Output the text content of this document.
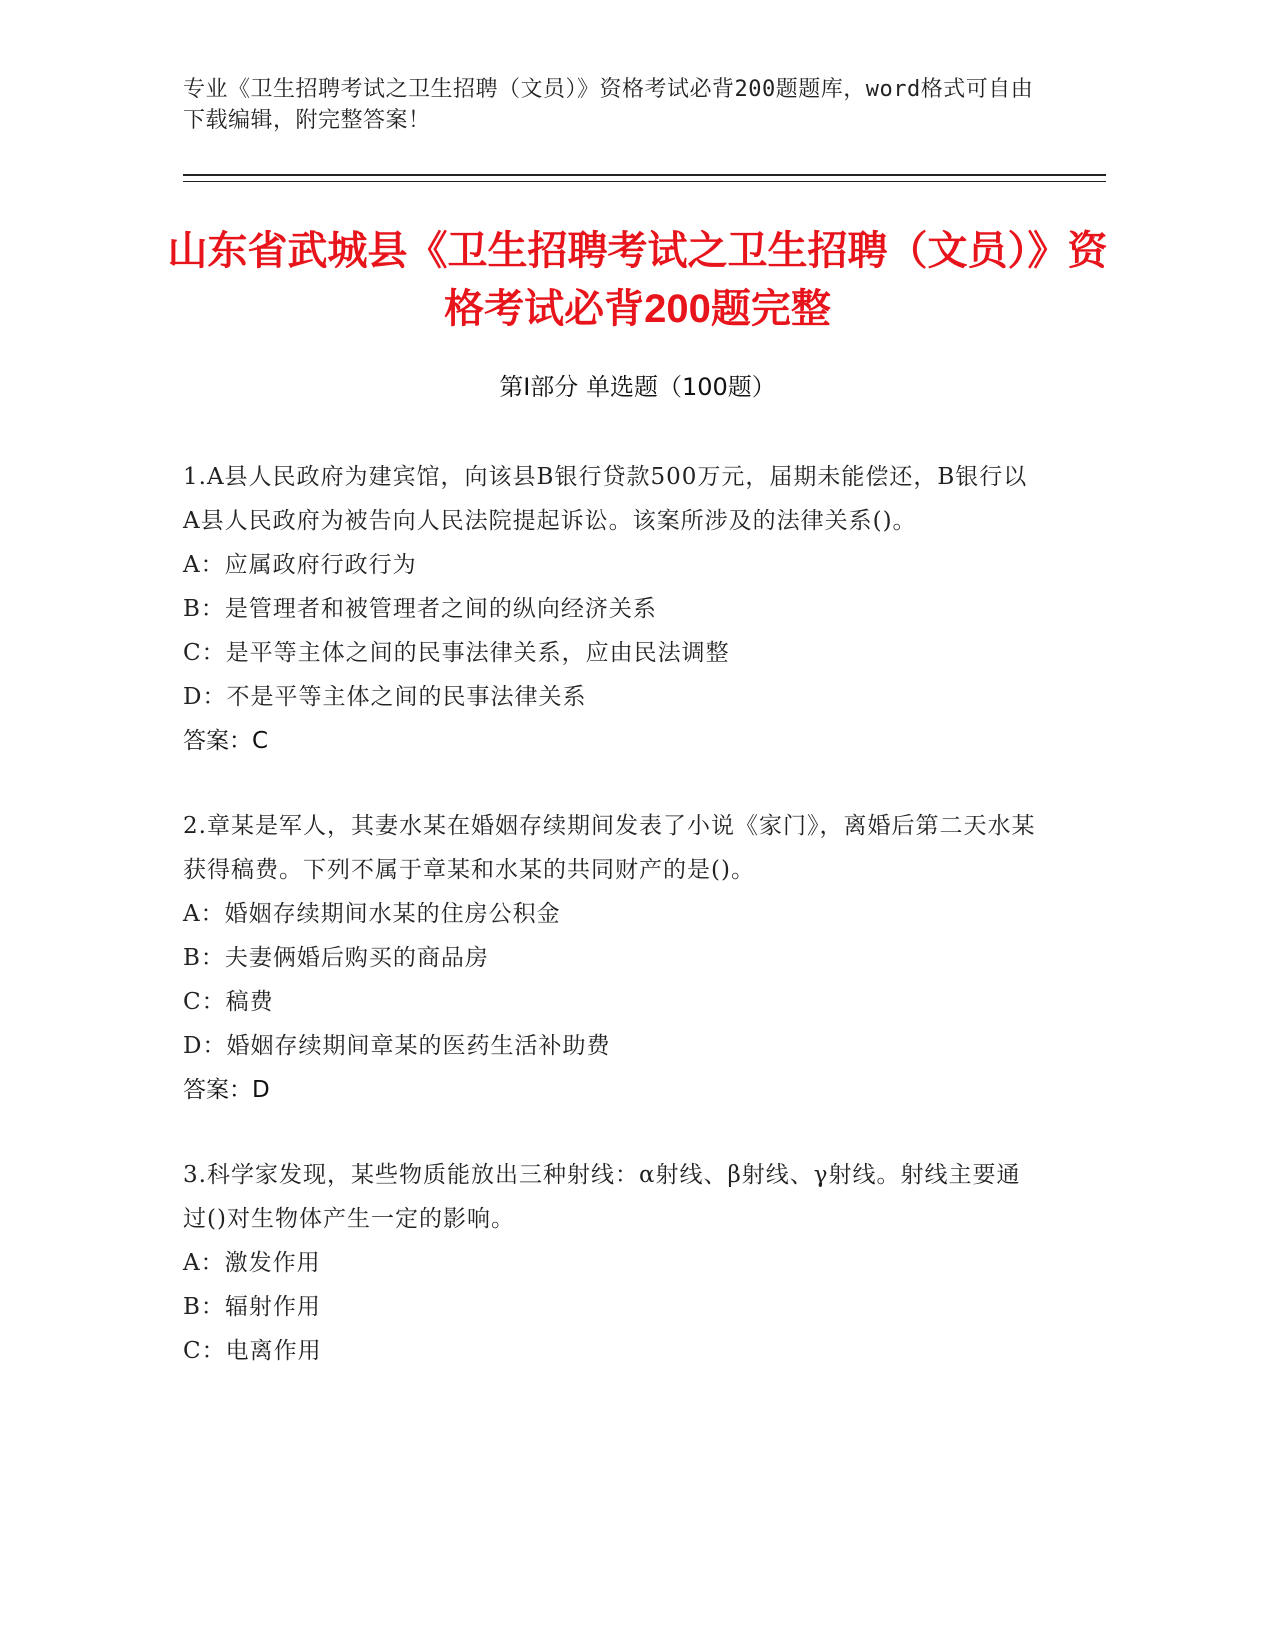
专业《卫生招聘考试之卫生招聘（文员）》资格考试必背200题题库，word格式可自由下载编辑，附完整答案！
山东省武城县《卫生招聘考试之卫生招聘（文员）》资格考试必背200题完整
第Ⅰ部分 单选题（100题）
1.A县人民政府为建宾馆，向该县B银行贷款500万元，届期未能偿还，B银行以A县人民政府为被告向人民法院提起诉讼。该案所涉及的法律关系()。
A：应属政府行政行为
B：是管理者和被管理者之间的纵向经济关系
C：是平等主体之间的民事法律关系，应由民法调整
D：不是平等主体之间的民事法律关系
答案：C
2.章某是军人，其妻水某在婚姻存续期间发表了小说《家门》，离婚后第二天水某获得稿费。下列不属于章某和水某的共同财产的是()。
A：婚姻存续期间水某的住房公积金
B：夫妻俩婚后购买的商品房
C：稿费
D：婚姻存续期间章某的医药生活补助费
答案：D
3.科学家发现，某些物质能放出三种射线：α射线、β射线、γ射线。射线主要通过()对生物体产生一定的影响。
A：激发作用
B：辐射作用
C：电离作用
